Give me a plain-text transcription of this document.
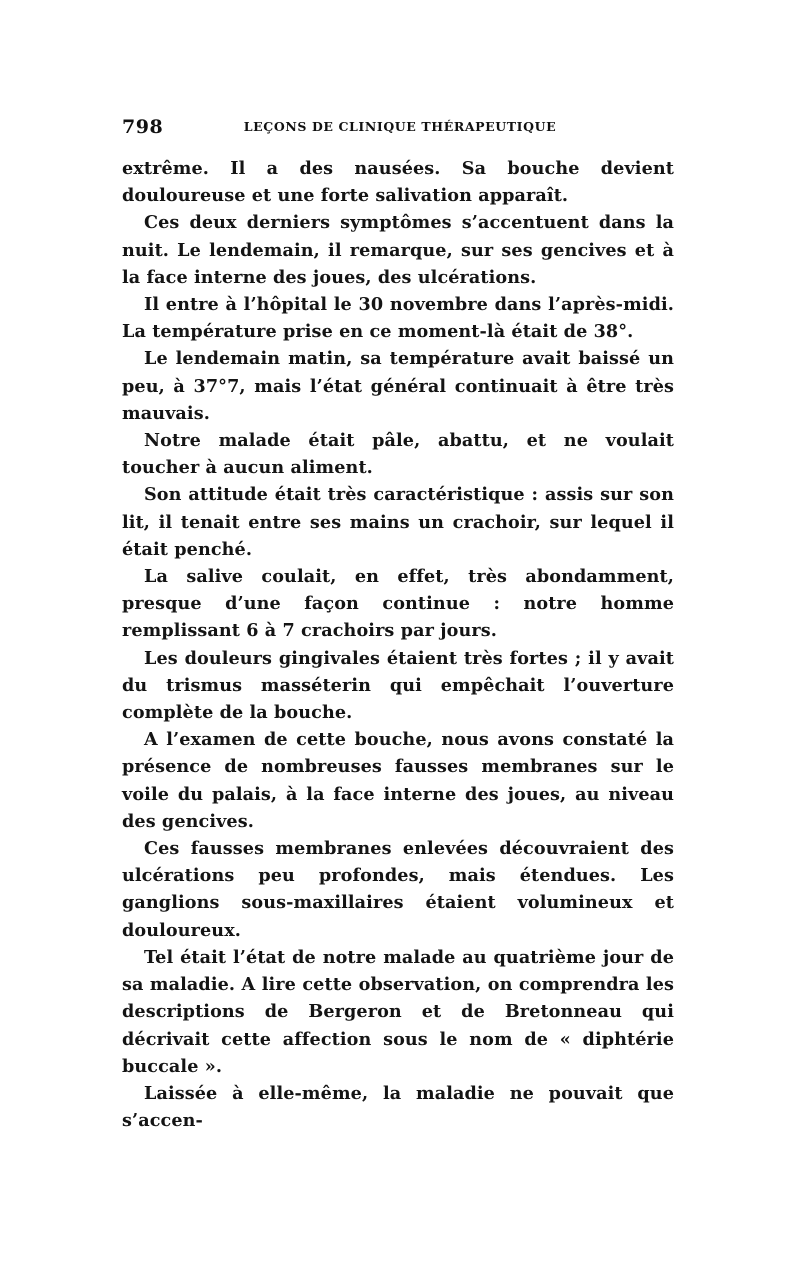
798	LEÇONS DE CLINIQUE THÉRAPEUTIQUE

extrême. Il a des nausées. Sa bouche devient douloureuse et une forte salivation apparaît.

Ces deux derniers symptômes s’accentuent dans la nuit. Le lendemain, il remarque, sur ses gencives et à la face interne des joues, des ulcérations.

Il entre à l’hôpital le 30 novembre dans l’après-midi. La température prise en ce moment-là était de 38°.

Le lendemain matin, sa température avait baissé un peu, à 37°7, mais l’état général continuait à être très mauvais.

Notre malade était pâle, abattu, et ne voulait toucher à aucun aliment.

Son attitude était très caractéristique : assis sur son lit, il tenait entre ses mains un crachoir, sur lequel il était penché.

La salive coulait, en effet, très abondamment, presque d’une façon continue : notre homme remplissant 6 à 7 crachoirs par jours.

Les douleurs gingivales étaient très fortes ; il y avait du trismus masséterin qui empêchait l’ouverture complète de la bouche.

A l’examen de cette bouche, nous avons constaté la présence de nombreuses fausses membranes sur le voile du palais, à la face interne des joues, au niveau des gencives.

Ces fausses membranes enlevées découvraient des ulcérations peu profondes, mais étendues. Les ganglions sous-maxillaires étaient volumineux et douloureux.

Tel était l’état de notre malade au quatrième jour de sa maladie. A lire cette observation, on comprendra les descriptions de Bergeron et de Bretonneau qui décrivait cette affection sous le nom de « diphtérie buccale ».

Laissée à elle-même, la maladie ne pouvait que s’accen-
